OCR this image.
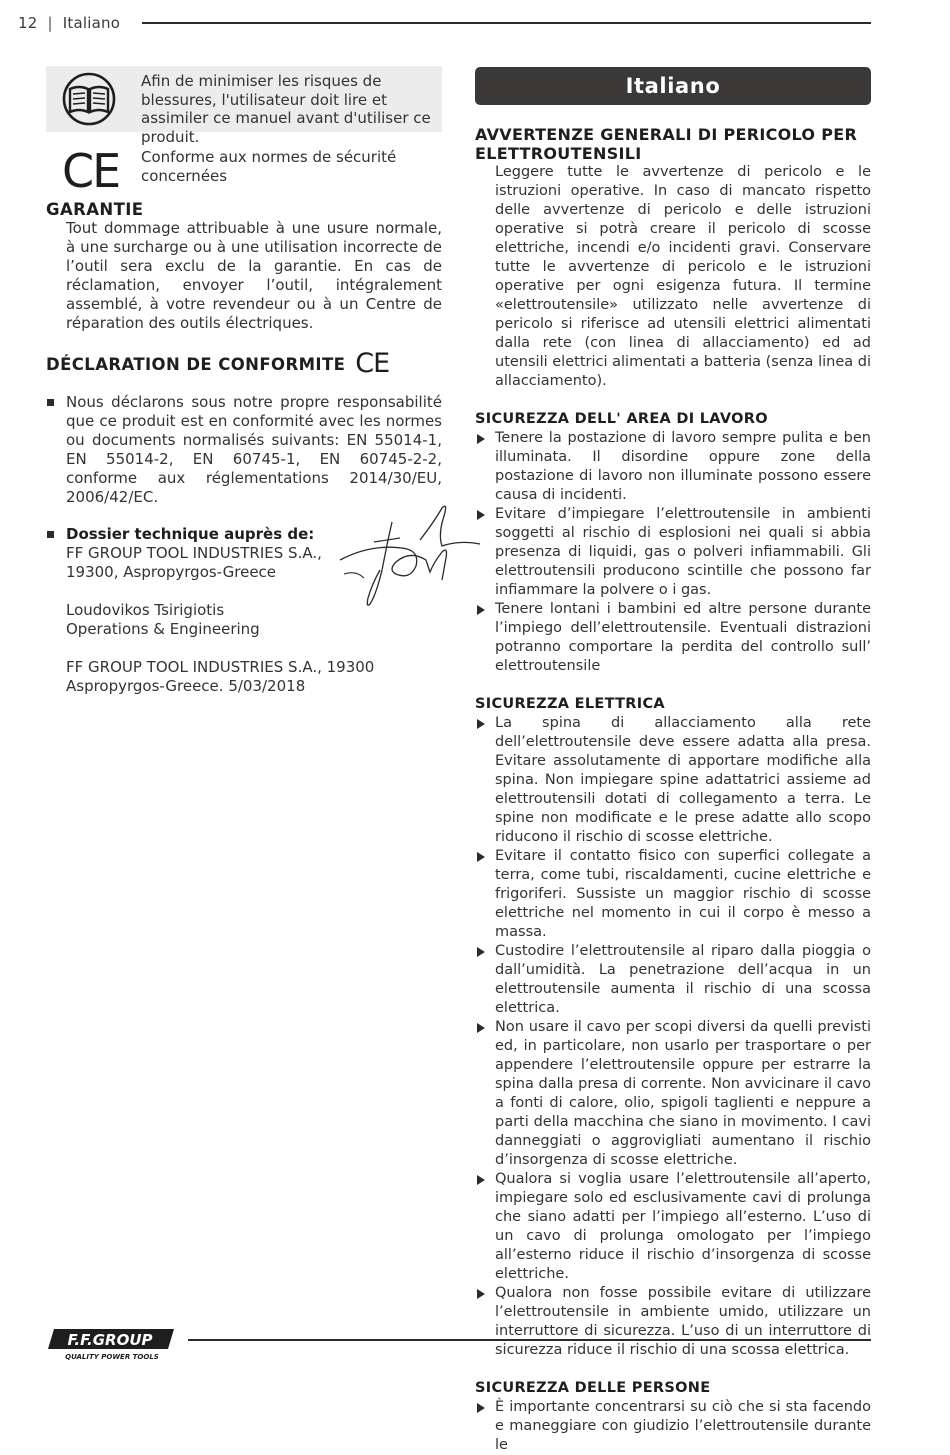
12 | Italiano
Afin de minimiser les risques de blessures, l'utilisateur doit lire et assimiler ce manuel avant d'utiliser ce produit.
CE Conforme aux normes de sécurité concernées
GARANTIE
Tout dommage attribuable à une usure normale, à une surcharge ou à une utilisation incorrecte de l’outil sera exclu de la garantie. En cas de réclamation, envoyer l’outil, intégralement assemblé, à votre revendeur ou à un Centre de réparation des outils électriques.
DÉCLARATION DE CONFORMITE CE
Nous déclarons sous notre propre responsabilité que ce produit est en conformité avec les normes ou documents normalisés suivants: EN 55014-1, EN 55014-2, EN 60745-1, EN 60745-2-2, conforme aux réglementations 2014/30/EU, 2006/42/EC.
Dossier technique auprès de:
FF GROUP TOOL INDUSTRIES S.A.,
19300, Aspropyrgos-Greece
Loudovikos Tsirigiotis
Operations & Engineering
FF GROUP TOOL INDUSTRIES S.A., 19300
Aspropyrgos-Greece. 5/03/2018
Italiano
AVVERTENZE GENERALI DI PERICOLO PER ELETTROUTENSILI
Leggere tutte le avvertenze di pericolo e le istruzioni operative. In caso di mancato rispetto delle avvertenze di pericolo e delle istruzioni operative si potrà creare il pericolo di scosse elettriche, incendi e/o incidenti gravi. Conservare tutte le avvertenze di pericolo e le istruzioni operative per ogni esigenza futura. Il termine «elettroutensile» utilizzato nelle avvertenze di pericolo si riferisce ad utensili elettrici alimentati dalla rete (con linea di allacciamento) ed ad utensili elettrici alimentati a batteria (senza linea di allacciamento).
SICUREZZA DELL' AREA DI LAVORO
Tenere la postazione di lavoro sempre pulita e ben illuminata. Il disordine oppure zone della postazione di lavoro non illuminate possono essere causa di incidenti.
Evitare d’impiegare l’elettroutensile in ambienti soggetti al rischio di esplosioni nei quali si abbia presenza di liquidi, gas o polveri infiammabili. Gli elettroutensili producono scintille che possono far infiammare la polvere o i gas.
Tenere lontani i bambini ed altre persone durante l’impiego dell’elettroutensile. Eventuali distrazioni potranno comportare la perdita del controllo sull’ elettroutensile
SICUREZZA ELETTRICA
La spina di allacciamento alla rete dell’elettroutensile deve essere adatta alla presa. Evitare assolutamente di apportare modifiche alla spina. Non impiegare spine adattatrici assieme ad elettroutensili dotati di collegamento a terra. Le spine non modificate e le prese adatte allo scopo riducono il rischio di scosse elettriche.
Evitare il contatto fisico con superfici collegate a terra, come tubi, riscaldamenti, cucine elettriche e frigoriferi. Sussiste un maggior rischio di scosse elettriche nel momento in cui il corpo è messo a massa.
Custodire l’elettroutensile al riparo dalla pioggia o dall’umidità. La penetrazione dell’acqua in un elettroutensile aumenta il rischio di una scossa elettrica.
Non usare il cavo per scopi diversi da quelli previsti ed, in particolare, non usarlo per trasportare o per appendere l’elettroutensile oppure per estrarre la spina dalla presa di corrente. Non avvicinare il cavo a fonti di calore, olio, spigoli taglienti e neppure a parti della macchina che siano in movimento. I cavi danneggiati o aggrovigliati aumentano il rischio d’insorgenza di scosse elettriche.
Qualora si voglia usare l’elettroutensile all’aperto, impiegare solo ed esclusivamente cavi di prolunga che siano adatti per l’impiego all’esterno. L’uso di un cavo di prolunga omologato per l’impiego all’esterno riduce il rischio d’insorgenza di scosse elettriche.
Qualora non fosse possibile evitare di utilizzare l’elettroutensile in ambiente umido, utilizzare un interruttore di sicurezza. L’uso di un interruttore di sicurezza riduce il rischio di una scossa elettrica.
SICUREZZA DELLE PERSONE
È importante concentrarsi su ciò che si sta facendo e maneggiare con giudizio l’elettroutensile durante le
F.F.GROUP
QUALITY POWER TOOLS
